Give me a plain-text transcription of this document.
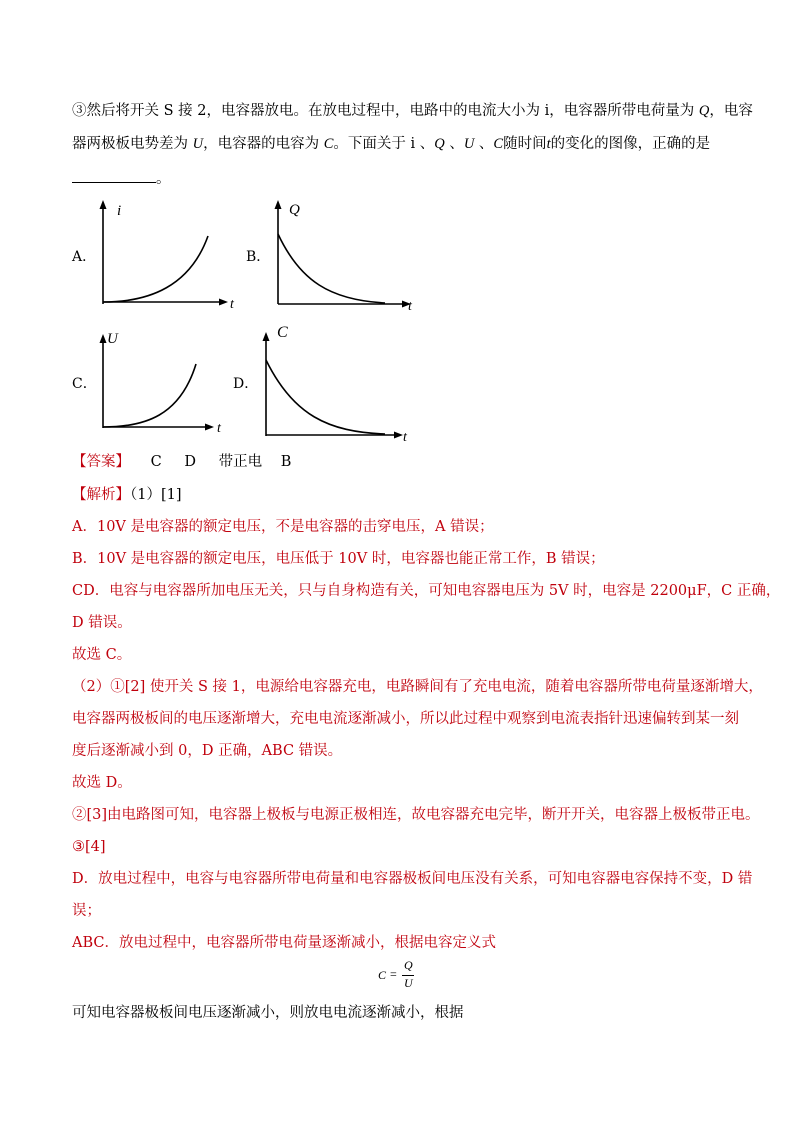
③然后将开关 S 接 2，电容器放电。在放电过程中，电路中的电流大小为 i，电容器所带电荷量为 Q，电容
器两极板电势差为 U，电容器的电容为 C。下面关于 i 、Q 、U 、C随时间t的变化的图像，正确的是
。
A．	B．
C．	D．
i
t
Q
t
U
t
C
t
【答案】 C D 带正电 B
【解析】（1）[1]
A．10V 是电容器的额定电压，不是电容器的击穿电压，A 错误；
B．10V 是电容器的额定电压，电压低于 10V 时，电容器也能正常工作，B 错误；
CD．电容与电容器所加电压无关，只与自身构造有关，可知电容器电压为 5V 时，电容是 2200μF，C 正确，
D 错误。
故选 C。
（2）①[2] 使开关 S 接 1，电源给电容器充电，电路瞬间有了充电电流，随着电容器所带电荷量逐渐增大，
电容器两极板间的电压逐渐增大，充电电流逐渐减小，所以此过程中观察到电流表指针迅速偏转到某一刻
度后逐渐减小到 0，D 正确，ABC 错误。
故选 D。
②[3]由电路图可知，电容器上极板与电源正极相连，故电容器充电完毕，断开开关，电容器上极板带正电。
③[4]
D．放电过程中，电容与电容器所带电荷量和电容器极板间电压没有关系，可知电容器电容保持不变，D 错
误；
ABC．放电过程中，电容器所带电荷量逐渐减小，根据电容定义式
C =
Q
U
可知电容器极板间电压逐渐减小，则放电电流逐渐减小，根据
